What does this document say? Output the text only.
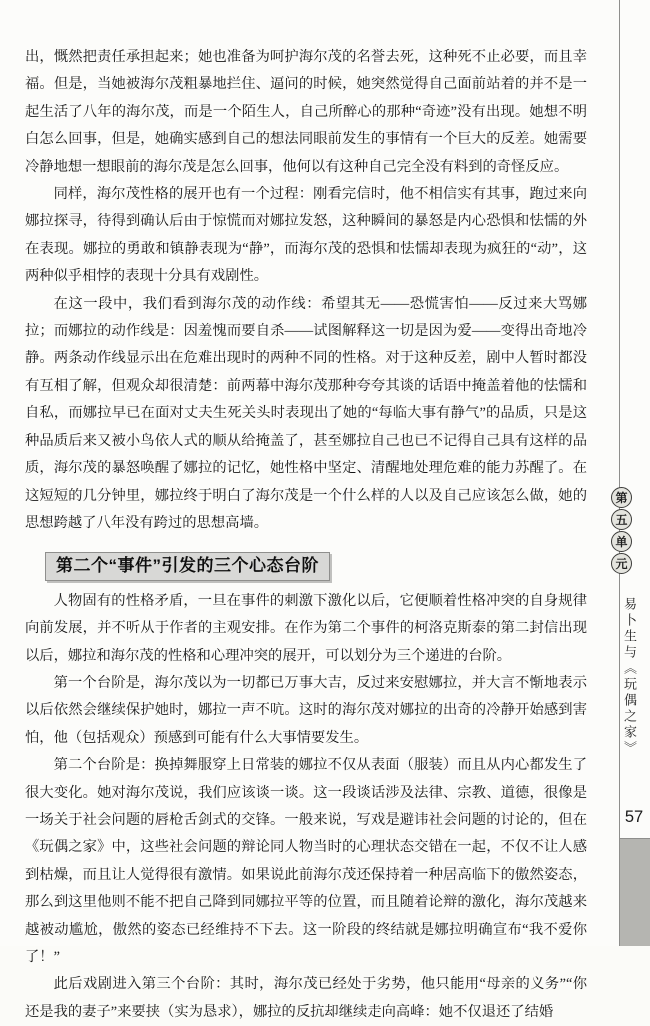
出，慨然把责任承担起来；她也准备为呵护海尔茂的名誉去死，这种死不止必要，而且幸福。但是，当她被海尔茂粗暴地拦住、逼问的时候，她突然觉得自己面前站着的并不是一起生活了八年的海尔茂，而是一个陌生人，自己所醉心的那种“奇迹”没有出现。她想不明白怎么回事，但是，她确实感到自己的想法同眼前发生的事情有一个巨大的反差。她需要冷静地想一想眼前的海尔茂是怎么回事，他何以有这种自己完全没有料到的奇怪反应。

同样，海尔茂性格的展开也有一个过程：刚看完信时，他不相信实有其事，跑过来向娜拉探寻，待得到确认后由于惊慌而对娜拉发怒，这种瞬间的暴怒是内心恐惧和怯懦的外在表现。娜拉的勇敢和镇静表现为“静”，而海尔茂的恐惧和怯懦却表现为疯狂的“动”，这两种似乎相悖的表现十分具有戏剧性。

在这一段中，我们看到海尔茂的动作线：希望其无——恐慌害怕——反过来大骂娜拉；而娜拉的动作线是：因羞愧而要自杀——试图解释这一切是因为爱——变得出奇地冷静。两条动作线显示出在危难出现时的两种不同的性格。对于这种反差，剧中人暂时都没有互相了解，但观众却很清楚：前两幕中海尔茂那种夸夸其谈的话语中掩盖着他的怯懦和自私，而娜拉早已在面对丈夫生死关头时表现出了她的“每临大事有静气”的品质，只是这种品质后来又被小鸟依人式的顺从给掩盖了，甚至娜拉自己也已不记得自己具有这样的品质，海尔茂的暴怒唤醒了娜拉的记忆，她性格中坚定、清醒地处理危难的能力苏醒了。在这短短的几分钟里，娜拉终于明白了海尔茂是一个什么样的人以及自己应该怎么做，她的思想跨越了八年没有跨过的思想高墙。

第二个“事件”引发的三个心态台阶

人物固有的性格矛盾，一旦在事件的刺激下激化以后，它便顺着性格冲突的自身规律向前发展，并不听从于作者的主观安排。在作为第二个事件的柯洛克斯泰的第二封信出现以后，娜拉和海尔茂的性格和心理冲突的展开，可以划分为三个递进的台阶。

第一个台阶是，海尔茂以为一切都已万事大吉，反过来安慰娜拉，并大言不惭地表示以后依然会继续保护她时，娜拉一声不吭。这时的海尔茂对娜拉的出奇的冷静开始感到害怕，他（包括观众）预感到可能有什么大事情要发生。

第二个台阶是：换掉舞服穿上日常装的娜拉不仅从表面（服装）而且从内心都发生了很大变化。她对海尔茂说，我们应该谈一谈。这一段谈话涉及法律、宗教、道德，很像是一场关于社会问题的唇枪舌剑式的交锋。一般来说，写戏是避讳社会问题的讨论的，但在《玩偶之家》中，这些社会问题的辩论同人物当时的心理状态交错在一起，不仅不让人感到枯燥，而且让人觉得很有激情。如果说此前海尔茂还保持着一种居高临下的傲然姿态，那么到这里他则不能不把自己降到同娜拉平等的位置，而且随着论辩的激化，海尔茂越来越被动尴尬，傲然的姿态已经维持不下去。这一阶段的终结就是娜拉明确宣布“我不爱你了！”

此后戏剧进入第三个台阶：其时，海尔茂已经处于劣势，他只能用“母亲的义务”“你还是我的妻子”来要挟（实为恳求），娜拉的反抗却继续走向高峰：她不仅退还了结婚

第
五
单
元
易卜生与《玩偶之家》
57
